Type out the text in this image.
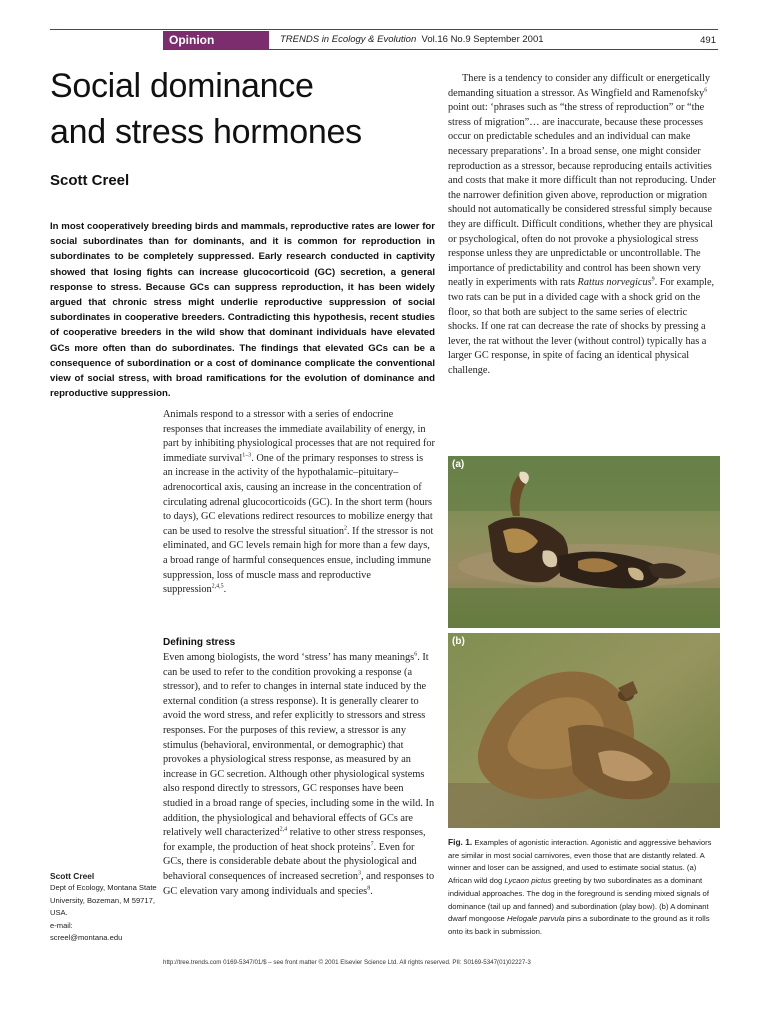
Opinion	TRENDS in Ecology & Evolution Vol.16 No.9 September 2001	491
Social dominance
and stress hormones
Scott Creel
In most cooperatively breeding birds and mammals, reproductive rates are lower for social subordinates than for dominants, and it is common for reproduction in subordinates to be completely suppressed. Early research conducted in captivity showed that losing fights can increase glucocorticoid (GC) secretion, a general response to stress. Because GCs can suppress reproduction, it has been widely argued that chronic stress might underlie reproductive suppression of social subordinates in cooperative breeders. Contradicting this hypothesis, recent studies of cooperative breeders in the wild show that dominant individuals have elevated GCs more often than do subordinates. The findings that elevated GCs can be a consequence of subordination or a cost of dominance complicate the conventional view of social stress, with broad ramifications for the evolution of dominance and reproductive suppression.

Animals respond to a stressor with a series of endocrine responses that increases the immediate availability of energy, in part by inhibiting physiological processes that are not required for immediate survival$^{1-3}$. One of the primary responses to stress is an increase in the activity of the hypothalamic–pituitary–adrenocortical axis, causing an increase in the concentration of circulating adrenal glucocorticoids (GC). In the short term (hours to days), GC elevations redirect resources to mobilize energy that can be used to resolve the stressful situation$^2$. If the stressor is not eliminated, and GC levels remain high for more than a few days, a broad range of harmful consequences ensue, including immune suppression, loss of muscle mass and reproductive suppression$^{2,4,5}$.

Defining stress

Even among biologists, the word ‘stress’ has many meanings$^6$. It can be used to refer to the condition provoking a response (a stressor), and to refer to changes in internal state induced by the external condition (a stress response). It is generally clearer to avoid the word stress, and refer explicitly to stressors and stress responses. For the purposes of this review, a stressor is any stimulus (behavioral, environmental, or demographic) that provokes a physiological stress response, as measured by an increase in GC secretion. Although other physiological systems also respond directly to stressors, GC responses have been studied in a broad range of species, including some in the wild. In addition, the physiological and behavioral effects of GCs are relatively well characterized$^{2,4}$ relative to other stress responses, for example, the production of heat shock proteins$^7$. Even for GCs, there is considerable debate about the physiological and behavioral consequences of increased secretion$^3$, and responses to GC elevation vary among individuals and species$^8$.

There is a tendency to consider any difficult or energetically demanding situation a stressor. As Wingfield and Ramenofsky$^6$ point out: ‘phrases such as “the stress of reproduction” or “the stress of migration”… are inaccurate, because these processes occur on predictable schedules and an individual can make necessary preparations’. In a broad sense, one might consider reproduction as a stressor, because reproducing entails activities and costs that make it more difficult than not reproducing. Under the narrower definition given above, reproduction or migration should not automatically be considered stressful simply because they are difficult. Difficult conditions, whether they are physical or psychological, often do not provoke a physiological stress response unless they are unpredictable or uncontrollable. The importance of predictability and control has been shown very neatly in experiments with rats Rattus norvegicus$^9$. For example, two rats can be put in a divided cage with a shock grid on the floor, so that both are subject to the same series of electric shocks. If one rat can decrease the rate of shocks by pressing a lever, the rat without the lever (without control) typically has a larger GC response, in spite of facing an identical physical challenge.

(a)
(b)
Fig. 1. Examples of agonistic interaction. Agonistic and aggressive behaviors are similar in most social carnivores, even those that are distantly related. A winner and loser can be assigned, and used to estimate social status. (a) African wild dog Lycaon pictus greeting by two subordinates as a dominant individual approaches. The dog in the foreground is sending mixed signals of dominance (tail up and fanned) and subordination (play bow). (b) A dominant dwarf mongoose Helogale parvula pins a subordinate to the ground as it rolls onto its back in submission.
Scott Creel
Dept of Ecology, Montana State University, Bozeman, M 59717, USA.
e-mail:
screel@montana.edu
http://tree.trends.com 0169-5347/01/$ – see front matter © 2001 Elsevier Science Ltd. All rights reserved. PII: S0169-5347(01)02227-3
